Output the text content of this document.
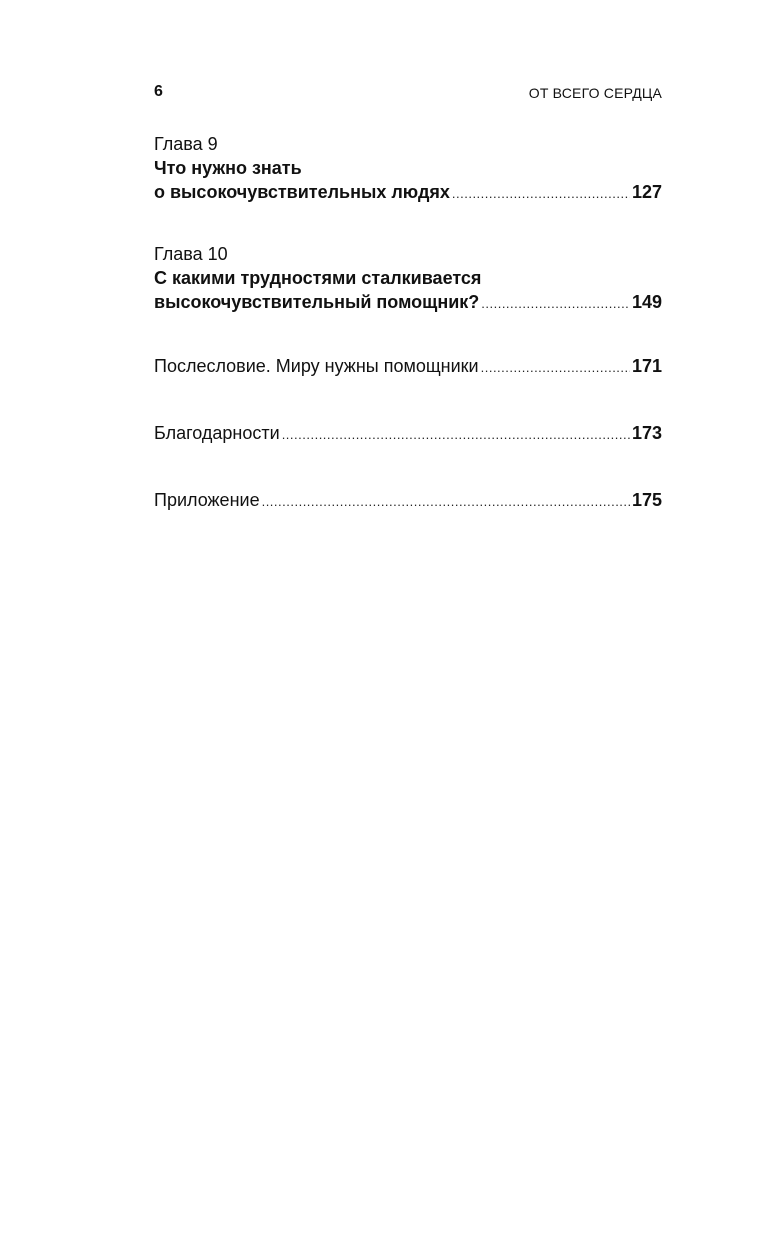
6	ОТ ВСЕГО СЕРДЦА

Глава 9

Что нужно знать

о высокочувствительных людях .....	127

Глава 10

С какими трудностями сталкивается

высокочувствительный помощник? .....	149
Послесловие. Миру нужны помощники .....	171
Благодарности .....	173
Приложение .....	175
